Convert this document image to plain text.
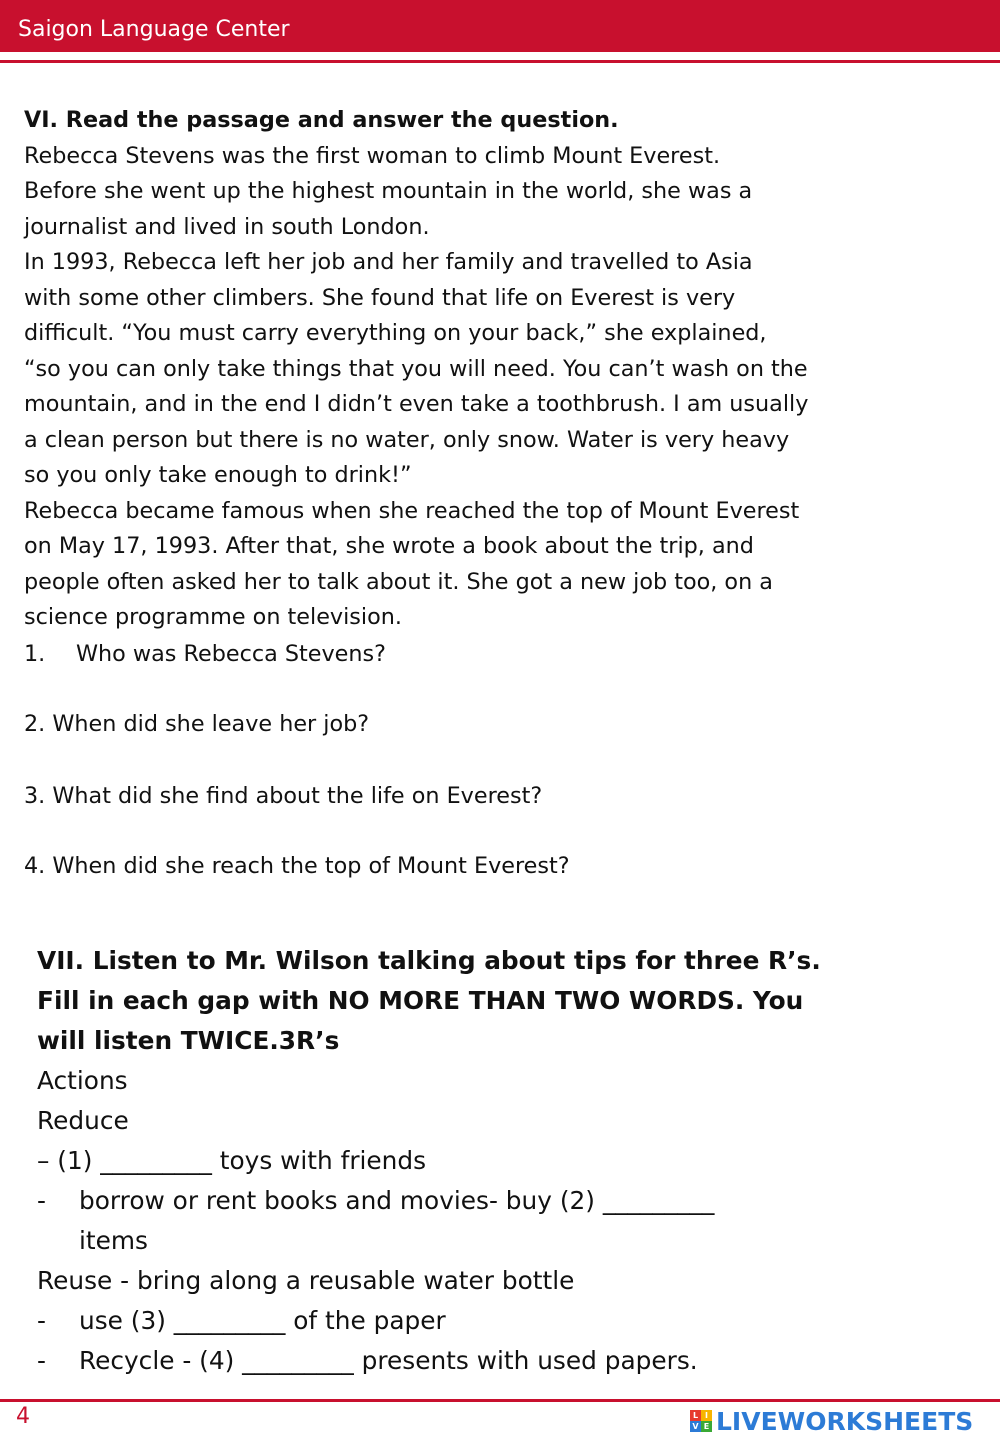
Saigon Language Center
VI. Read the passage and answer the question.
Rebecca Stevens was the first woman to climb Mount Everest.
Before she went up the highest mountain in the world, she was a
journalist and lived in south London.
In 1993, Rebecca left her job and her family and travelled to Asia
with some other climbers. She found that life on Everest is very
difficult. “You must carry everything on your back,” she explained,
“so you can only take things that you will need. You can’t wash on the
mountain, and in the end I didn’t even take a toothbrush. I am usually
a clean person but there is no water, only snow. Water is very heavy
so you only take enough to drink!”
Rebecca became famous when she reached the top of Mount Everest
on May 17, 1993. After that, she wrote a book about the trip, and
people often asked her to talk about it. She got a new job too, on a
science programme on television.
1. Who was Rebecca Stevens?
2. When did she leave her job?
3. What did she find about the life on Everest?
4. When did she reach the top of Mount Everest?
VII. Listen to Mr. Wilson talking about tips for three R’s.
Fill in each gap with NO MORE THAN TWO WORDS. You
will listen TWICE.3R’s
Actions
Reduce
– (1) _________ toys with friends
- borrow or rent books and movies- buy (2) _________
items
Reuse - bring along a reusable water bottle
- use (3) _________ of the paper
- Recycle - (4) _________ presents with used papers.
4	L I
V E LIVEWORKSHEETS
